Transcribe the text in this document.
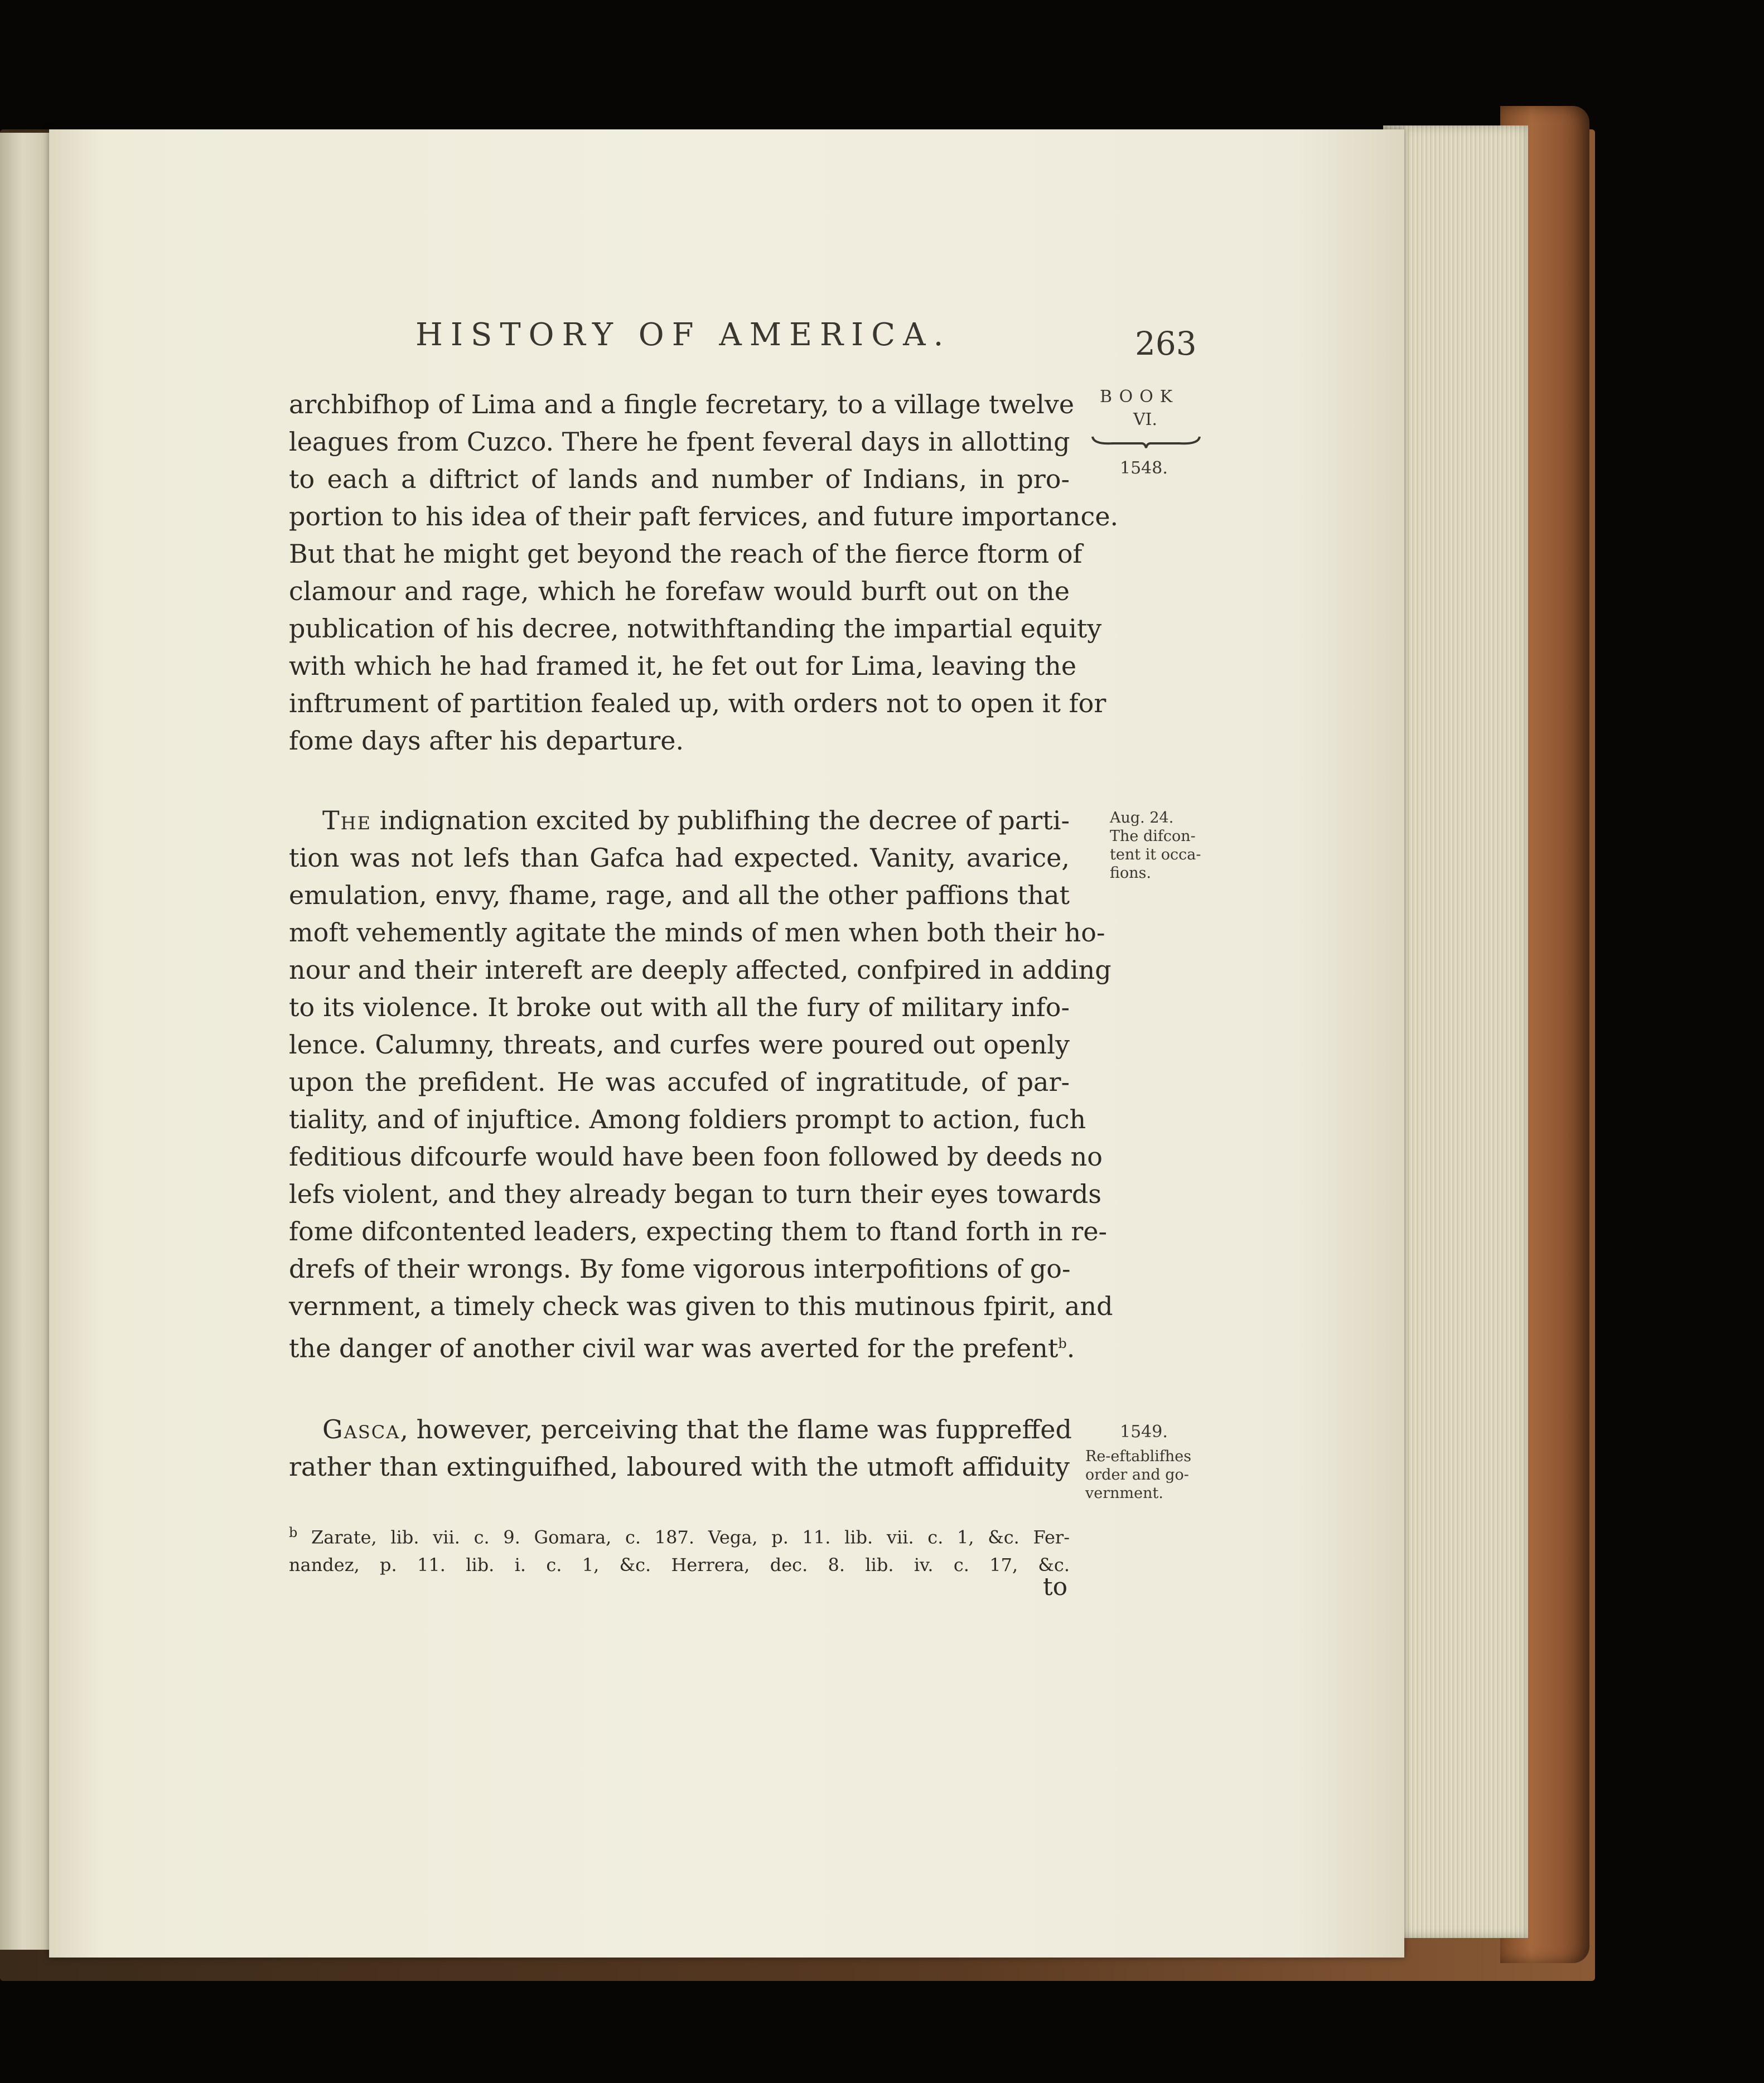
HISTORY OF AMERICA.	263
BOOK
VI.
1548.
archbifhop of Lima and a fingle fecretary, to a village twelve
leagues from Cuzco. There he fpent feveral days in allotting
to each a diftrict of lands and number of Indians, in pro-
portion to his idea of their paft fervices, and future importance.
But that he might get beyond the reach of the fierce ftorm of
clamour and rage, which he forefaw would burft out on the
publication of his decree, notwithftanding the impartial equity
with which he had framed it, he fet out for Lima, leaving the
inftrument of partition fealed up, with orders not to open it for
fome days after his departure.
Aug. 24.
The difcon-
tent it occa-
fions.
The indignation excited by publifhing the decree of parti-
tion was not lefs than Gafca had expected. Vanity, avarice,
emulation, envy, fhame, rage, and all the other paffions that
moft vehemently agitate the minds of men when both their ho-
nour and their intereft are deeply affected, confpired in adding
to its violence. It broke out with all the fury of military info-
lence. Calumny, threats, and curfes were poured out openly
upon the prefident. He was accufed of ingratitude, of par-
tiality, and of injuftice. Among foldiers prompt to action, fuch
feditious difcourfe would have been foon followed by deeds no
lefs violent, and they already began to turn their eyes towards
fome difcontented leaders, expecting them to ftand forth in re-
drefs of their wrongs. By fome vigorous interpofitions of go-
vernment, a timely check was given to this mutinous fpirit, and
the danger of another civil war was averted for the prefent$^b$.
1549.
Re-eftablifhes
order and go-
vernment.
Gasca, however, perceiving that the flame was fuppreffed
rather than extinguifhed, laboured with the utmoft affiduity
$^b$ Zarate, lib. vii. c. 9. Gomara, c. 187. Vega, p. 11. lib. vii. c. 1, &c. Fer-
nandez, p. 11. lib. i. c. 1, &c. Herrera, dec. 8. lib. iv. c. 17, &c.
to
